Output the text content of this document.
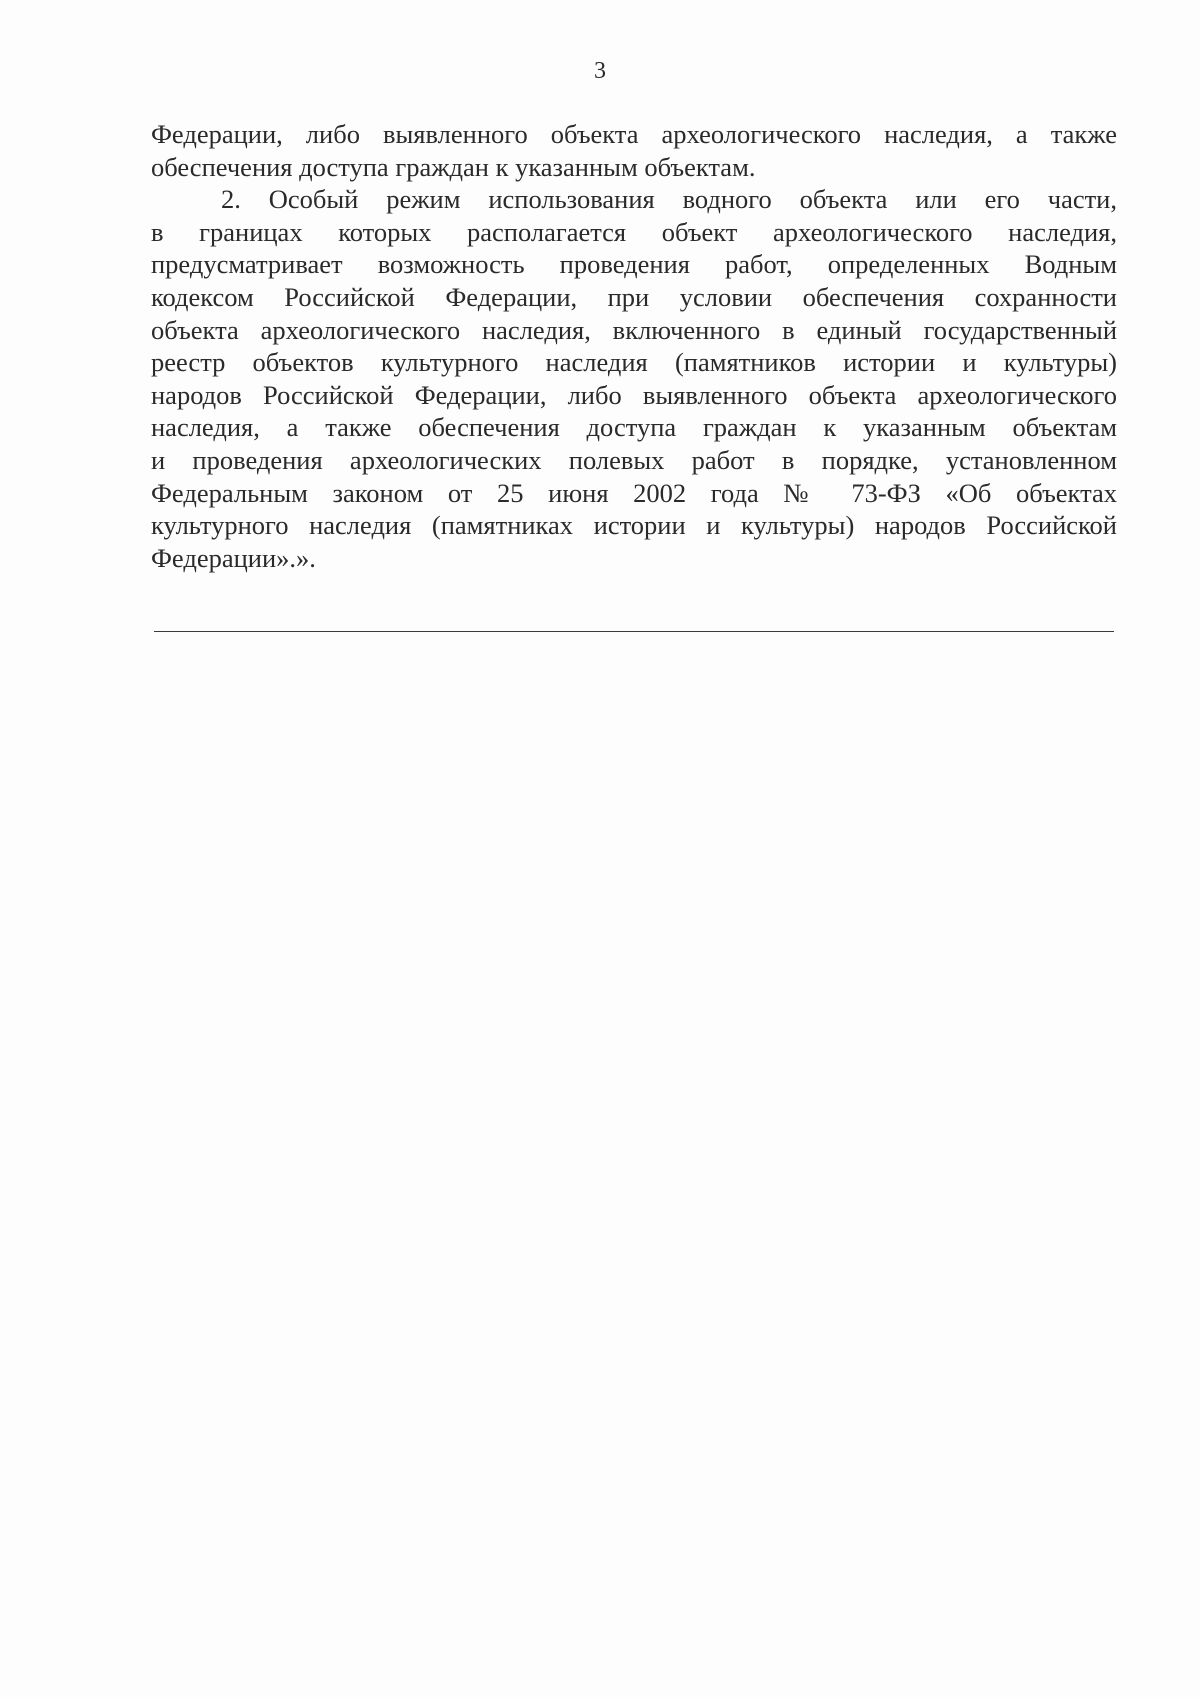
3
Федерации, либо выявленного объекта археологического наследия, а также
обеспечения доступа граждан к указанным объектам.
2. Особый режим использования водного объекта или его части,
в границах которых располагается объект археологического наследия,
предусматривает возможность проведения работ, определенных Водным
кодексом Российской Федерации, при условии обеспечения сохранности
объекта археологического наследия, включенного в единый государственный
реестр объектов культурного наследия (памятников истории и культуры)
народов Российской Федерации, либо выявленного объекта археологического
наследия, а также обеспечения доступа граждан к указанным объектам
и проведения археологических полевых работ в порядке, установленном
Федеральным законом от 25 июня 2002 года № 73-ФЗ «Об объектах
культурного наследия (памятниках истории и культуры) народов Российской
Федерации».».
